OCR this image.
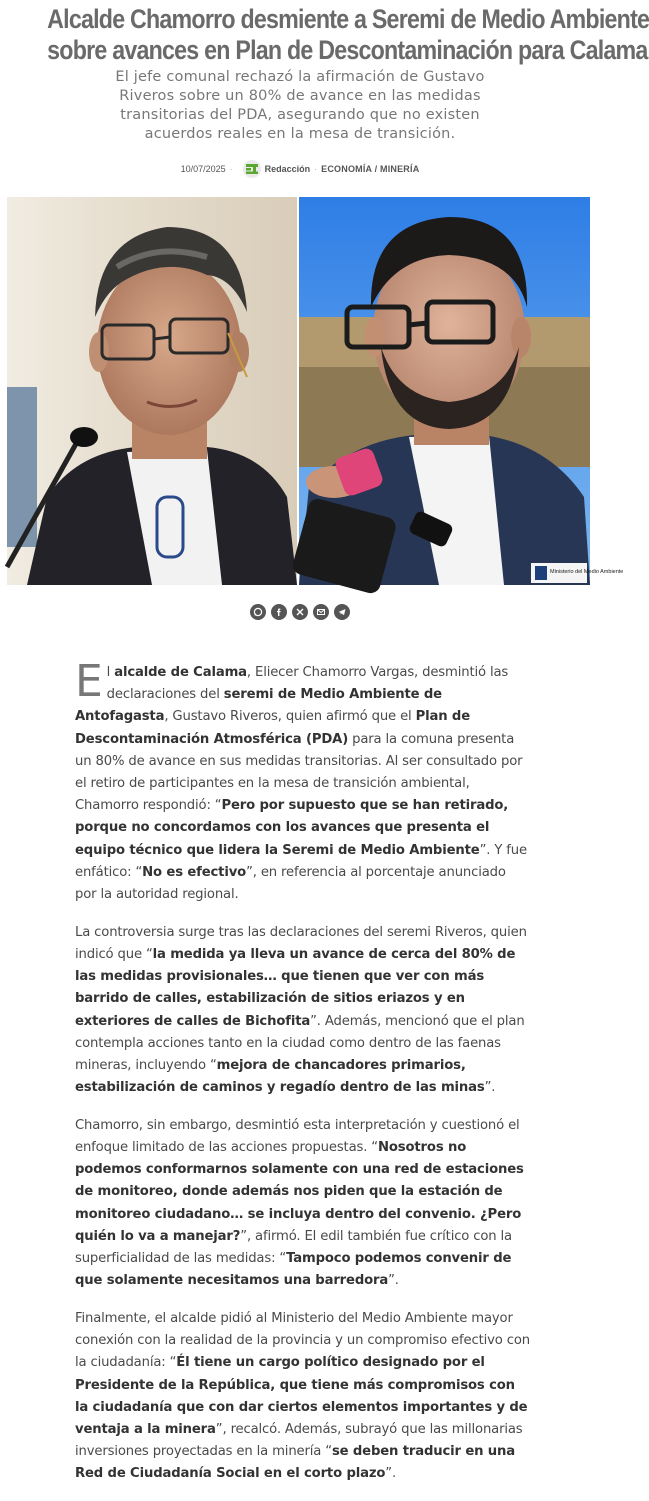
Alcalde Chamorro desmiente a Seremi de Medio Ambiente
sobre avances en Plan de Descontaminación para Calama
El jefe comunal rechazó la afirmación de Gustavo
Riveros sobre un 80% de avance en las medidas
transitorias del PDA, asegurando que no existen
acuerdos reales en la mesa de transición.
10/07/2025 ·	Redacción · ECONOMÍA / MINERÍA
Ministerio del Medio Ambiente

El alcalde de Calama, Eliecer Chamorro Vargas, desmintió las declaraciones del seremi de Medio Ambiente de Antofagasta, Gustavo Riveros, quien afirmó que el Plan de Descontaminación Atmosférica (PDA) para la comuna presenta un 80% de avance en sus medidas transitorias. Al ser consultado por el retiro de participantes en la mesa de transición ambiental, Chamorro respondió: “Pero por supuesto que se han retirado, porque no concordamos con los avances que presenta el equipo técnico que lidera la Seremi de Medio Ambiente”. Y fue enfático: “No es efectivo”, en referencia al porcentaje anunciado por la autoridad regional.

La controversia surge tras las declaraciones del seremi Riveros, quien indicó que “la medida ya lleva un avance de cerca del 80% de las medidas provisionales… que tienen que ver con más barrido de calles, estabilización de sitios eriazos y en exteriores de calles de Bichofita”. Además, mencionó que el plan contempla acciones tanto en la ciudad como dentro de las faenas mineras, incluyendo “mejora de chancadores primarios, estabilización de caminos y regadío dentro de las minas”.

Chamorro, sin embargo, desmintió esta interpretación y cuestionó el enfoque limitado de las acciones propuestas. “Nosotros no podemos conformarnos solamente con una red de estaciones de monitoreo, donde además nos piden que la estación de monitoreo ciudadano… se incluya dentro del convenio. ¿Pero quién lo va a manejar?”, afirmó. El edil también fue crítico con la superficialidad de las medidas: “Tampoco podemos convenir de que solamente necesitamos una barredora”.

Finalmente, el alcalde pidió al Ministerio del Medio Ambiente mayor conexión con la realidad de la provincia y un compromiso efectivo con la ciudadanía: “Él tiene un cargo político designado por el Presidente de la República, que tiene más compromisos con la ciudadanía que con dar ciertos elementos importantes y de ventaja a la minera”, recalcó. Además, subrayó que las millonarias inversiones proyectadas en la minería “se deben traducir en una Red de Ciudadanía Social en el corto plazo”.
